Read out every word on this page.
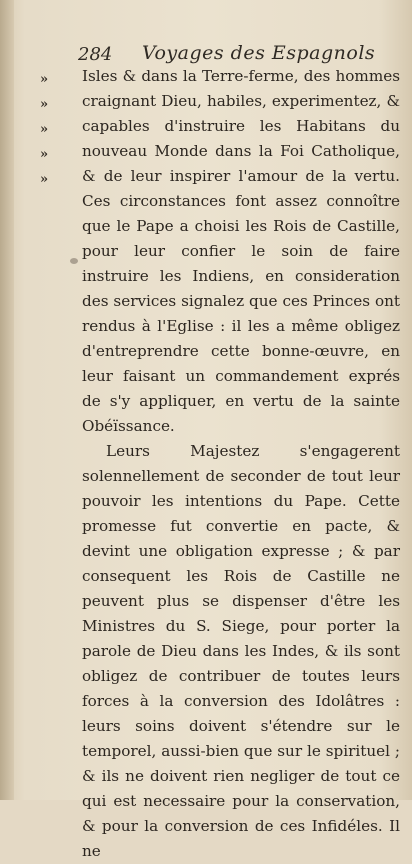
284 Voyages des Espagnols
»
»
»
»
»

Isles & dans la Terre-ferme, des hommes craignant Dieu, habiles, experimentez, & capables d'instruire les Habitans du nouveau Monde dans la Foi Catholique, & de leur inspirer l'amour de la vertu. Ces circonstances font assez connoître que le Pape a choisi les Rois de Castille, pour leur confier le soin de faire instruire les Indiens, en consideration des services signalez que ces Princes ont rendus à l'Eglise : il les a même obligez d'entreprendre cette bonne-œuvre, en leur faisant un commandement exprés de s'y appliquer, en vertu de la sainte Obéïssance.

Leurs Majestez s'engagerent solennellement de seconder de tout leur pouvoir les intentions du Pape. Cette promesse fut convertie en pacte, & devint une obligation expresse ; & par consequent les Rois de Castille ne peuvent plus se dispenser d'être les Ministres du S. Siege, pour porter la parole de Dieu dans les Indes, & ils sont obligez de contribuer de toutes leurs forces à la conversion des Idolâtres : leurs soins doivent s'étendre sur le temporel, aussi-bien que sur le spirituel ; & ils ne doivent rien negliger de tout ce qui est necessaire pour la conservation, & pour la conversion de ces Infidéles. Il ne
